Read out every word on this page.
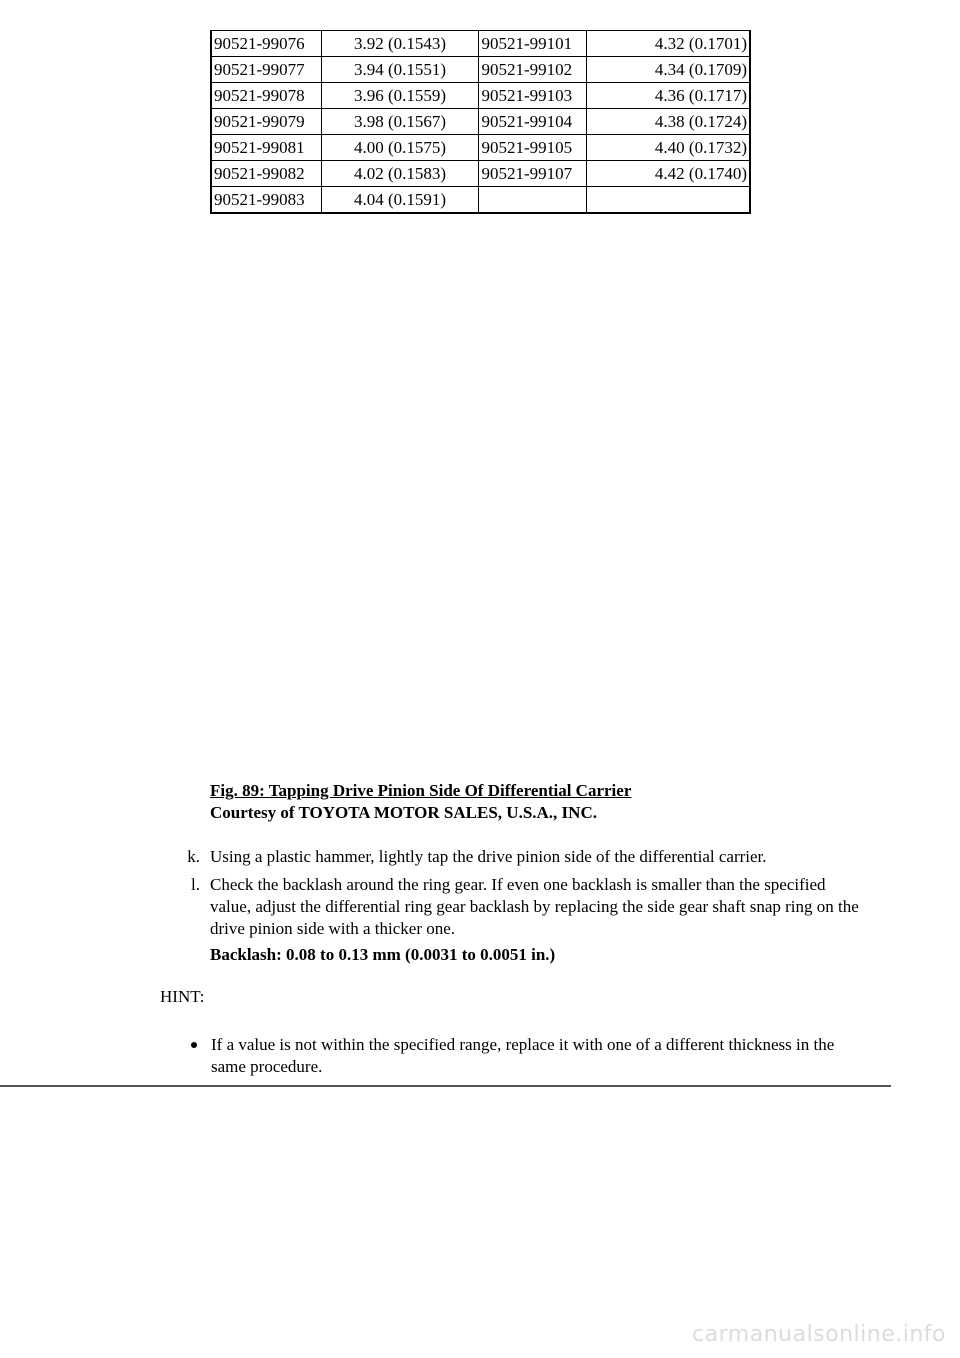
90521-99076	3.92 (0.1543)	90521-99101	4.32 (0.1701)
90521-99077	3.94 (0.1551)	90521-99102	4.34 (0.1709)
90521-99078	3.96 (0.1559)	90521-99103	4.36 (0.1717)
90521-99079	3.98 (0.1567)	90521-99104	4.38 (0.1724)
90521-99081	4.00 (0.1575)	90521-99105	4.40 (0.1732)
90521-99082	4.02 (0.1583)	90521-99107	4.42 (0.1740)
90521-99083	4.04 (0.1591)		
Fig. 89: Tapping Drive Pinion Side Of Differential Carrier
Courtesy of TOYOTA MOTOR SALES, U.S.A., INC.
k. Using a plastic hammer, lightly tap the drive pinion side of the differential carrier.
l. Check the backlash around the ring gear. If even one backlash is smaller than the specified value, adjust the differential ring gear backlash by replacing the side gear shaft snap ring on the drive pinion side with a thicker one.
Backlash: 0.08 to 0.13 mm (0.0031 to 0.0051 in.)
HINT:
If a value is not within the specified range, replace it with one of a different thickness in the same procedure.
carmanualsonline.info
